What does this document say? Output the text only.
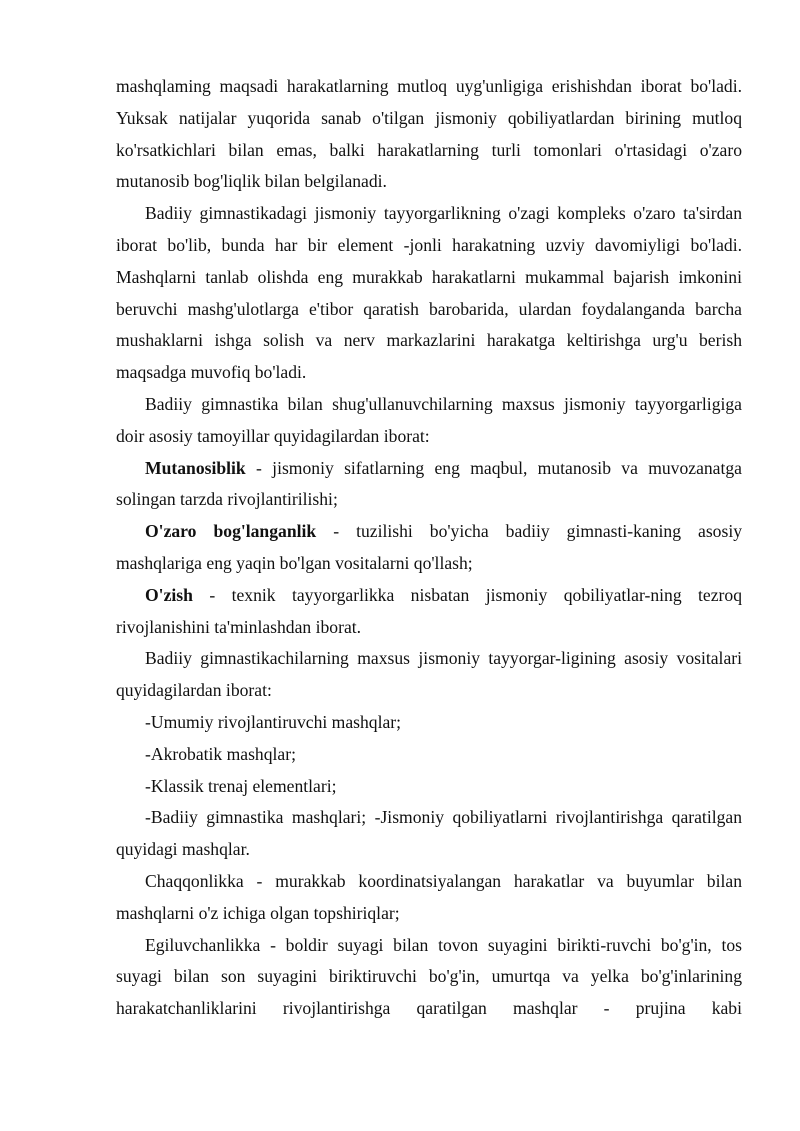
mashqlaming maqsadi harakatlarning mutloq uyg'unligiga erishishdan iborat bo'ladi. Yuksak natijalar yuqorida sanab o'tilgan jismoniy qobiliyatlardan birining mutloq ko'rsatkichlari bilan emas, balki harakatlarning turli tomonlari o'rtasidagi o'zaro mutanosib bog'liqlik bilan belgilanadi.

Badiiy gimnastikadagi jismoniy tayyorgarlikning o'zagi kompleks o'zaro ta'sirdan iborat bo'lib, bunda har bir element -jonli harakatning uzviy davomiyligi bo'ladi. Mashqlarni tanlab olishda eng murakkab harakatlarni mukammal bajarish imkonini beruvchi mashg'ulotlarga e'tibor qaratish barobarida, ulardan foydalanganda barcha mushaklarni ishga solish va nerv markazlarini harakatga keltirishga urg'u berish maqsadga muvofiq bo'ladi.

Badiiy gimnastika bilan shug'ullanuvchilarning maxsus jismoniy tayyorgarligiga doir asosiy tamoyillar quyidagilardan iborat:

Mutanosiblik - jismoniy sifatlarning eng maqbul, mutanosib va muvozanatga solingan tarzda rivojlantirilishi;

O'zaro bog'langanlik - tuzilishi bo'yicha badiiy gimnasti-kaning asosiy mashqlariga eng yaqin bo'lgan vositalarni qo'llash;

O'zish - texnik tayyorgarlikka nisbatan jismoniy qobiliyatlar-ning tezroq rivojlanishini ta'minlashdan iborat.

Badiiy gimnastikachilarning maxsus jismoniy tayyorgar-ligining asosiy vositalari quyidagilardan iborat:

-Umumiy rivojlantiruvchi mashqlar;

-Akrobatik mashqlar;

-Klassik trenaj elementlari;

-Badiiy gimnastika mashqlari; -Jismoniy qobiliyatlarni rivojlantirishga qaratilgan quyidagi mashqlar.

Chaqqonlikka - murakkab koordinatsiyalangan harakatlar va buyumlar bilan mashqlarni o'z ichiga olgan topshiriqlar;

Egiluvchanlikka - boldir suyagi bilan tovon suyagini birikti-ruvchi bo'g'in, tos suyagi bilan son suyagini biriktiruvchi bo'g'in, umurtqa va yelka bo'g'inlarining harakatchanliklarini rivojlantirishga qaratilgan mashqlar - prujina kabi
